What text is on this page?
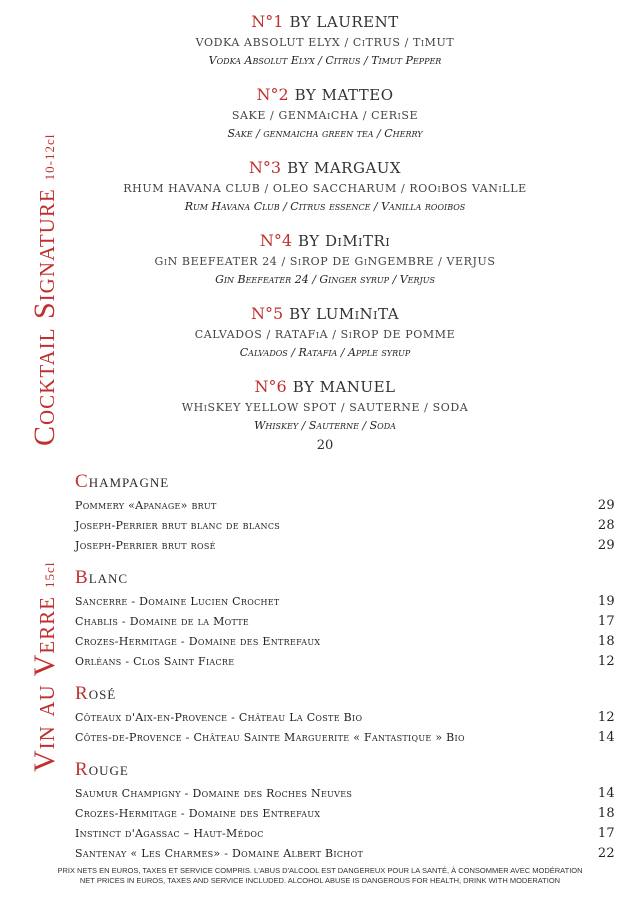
Cocktail Signature10-12cl
Vin au Verre15cl
N°1 BY LAURENT
VODKA ABSOLUT ELYX / CiTRUS / TiMUT
Vodka Absolut Elyx / Citrus / Timut Pepper
N°2 BY MATTEO
SAKE / GENMAiCHA / CERiSE
Sake / genmaicha green tea / Cherry
N°3 BY MARGAUX
RHUM HAVANA CLUB / OLEO SACCHARUM / ROOiBOS VANiLLE
Rum Havana Club / Citrus essence / Vanilla rooibos
N°4 BY DiMiTRi
GiN BEEFEATER 24 / SiROP DE GiNGEMBRE / VERJUS
Gin Beefeater 24 / Ginger syrup / Verjus
N°5 BY LUMiNiTA
CALVADOS / RATAFiA / SiROP DE POMME
Calvados / Ratafia / Apple syrup
N°6 BY MANUEL
WHiSKEY YELLOW SPOT / SAUTERNE / SODA
Whiskey / Sauterne / Soda
20
Champagne
Pommery «Apanage» brut	29
Joseph-Perrier brut blanc de blancs	28
Joseph-Perrier brut rosé	29
Blanc
Sancerre - Domaine Lucien Crochet	19
Chablis - Domaine de la Motte	17
Crozes-Hermitage - Domaine des Entrefaux	18
Orléans - Clos Saint Fiacre	12
Rosé
Côteaux d'Aix-en-Provence - Château La Coste Bio	12
Côtes-de-Provence - Château Sainte Marguerite « Fantastique » Bio	14
Rouge
Saumur Champigny - Domaine des Roches Neuves	14
Crozes-Hermitage - Domaine des Entrefaux	18
Instinct d'Agassac – Haut-Médoc	17
Santenay « Les Charmes» - Domaine Albert Bichot	22
PRIX NETS EN EUROS, TAXES ET SERVICE COMPRIS. L'ABUS D'ALCOOL EST DANGEREUX POUR LA SANTÉ, À CONSOMMER AVEC MODÉRATION
NET PRICES IN EUROS, TAXES AND SERVICE INCLUDED. ALCOHOL ABUSE IS DANGEROUS FOR HEALTH, DRINK WITH MODERATION
